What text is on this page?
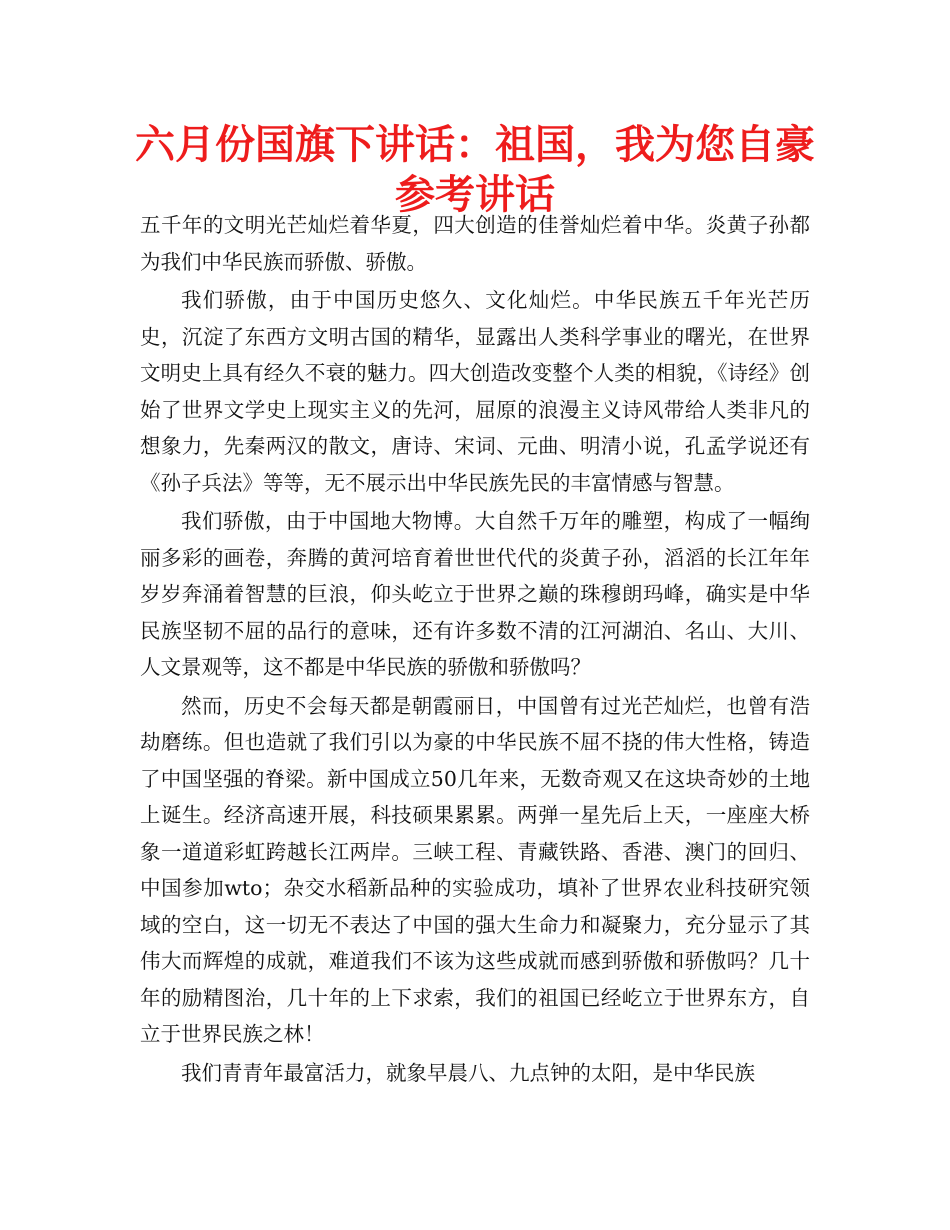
六月份国旗下讲话：祖国，我为您自豪参考讲话

五千年的文明光芒灿烂着华夏，四大创造的佳誉灿烂着中华。炎黄子孙都为我们中华民族而骄傲、骄傲。

我们骄傲，由于中国历史悠久、文化灿烂。中华民族五千年光芒历史，沉淀了东西方文明古国的精华，显露出人类科学事业的曙光，在世界文明史上具有经久不衰的魅力。四大创造改变整个人类的相貌，《诗经》创始了世界文学史上现实主义的先河，屈原的浪漫主义诗风带给人类非凡的想象力，先秦两汉的散文，唐诗、宋词、元曲、明清小说，孔孟学说还有《孙子兵法》等等，无不展示出中华民族先民的丰富情感与智慧。

我们骄傲，由于中国地大物博。大自然千万年的雕塑，构成了一幅绚丽多彩的画卷，奔腾的黄河培育着世世代代的炎黄子孙，滔滔的长江年年岁岁奔涌着智慧的巨浪，仰头屹立于世界之巅的珠穆朗玛峰，确实是中华民族坚韧不屈的品行的意味，还有许多数不清的江河湖泊、名山、大川、人文景观等，这不都是中华民族的骄傲和骄傲吗？

然而，历史不会每天都是朝霞丽日，中国曾有过光芒灿烂，也曾有浩劫磨练。但也造就了我们引以为豪的中华民族不屈不挠的伟大性格，铸造了中国坚强的脊梁。新中国成立50几年来，无数奇观又在这块奇妙的土地上诞生。经济高速开展，科技硕果累累。两弹一星先后上天，一座座大桥象一道道彩虹跨越长江两岸。三峡工程、青藏铁路、香港、澳门的回归、中国参加wto；杂交水稻新品种的实验成功，填补了世界农业科技研究领域的空白，这一切无不表达了中国的强大生命力和凝聚力，充分显示了其伟大而辉煌的成就，难道我们不该为这些成就而感到骄傲和骄傲吗？几十年的励精图治，几十年的上下求索，我们的祖国已经屹立于世界东方，自立于世界民族之林！

我们青青年最富活力，就象早晨八、九点钟的太阳，是中华民族
